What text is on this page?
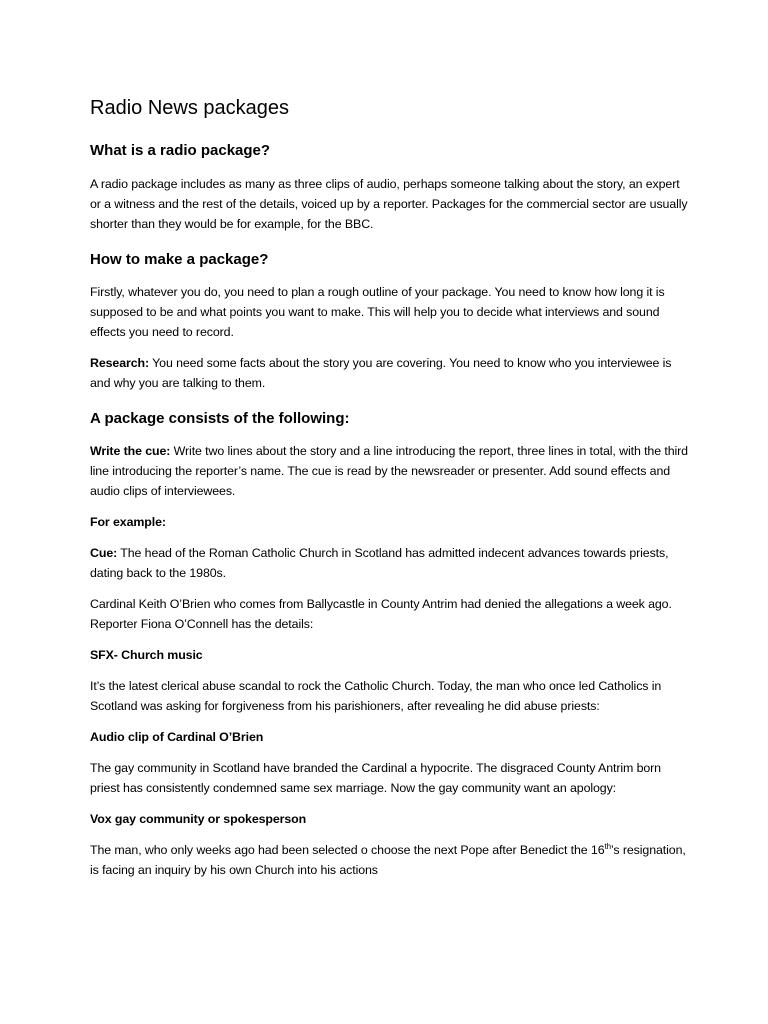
Radio News packages
What is a radio package?

A radio package includes as many as three clips of audio, perhaps someone talking about the story, an expert or a witness and the rest of the details, voiced up by a reporter. Packages for the commercial sector are usually shorter than they would be for example, for the BBC.

How to make a package?

Firstly, whatever you do, you need to plan a rough outline of your package. You need to know how long it is supposed to be and what points you want to make. This will help you to decide what interviews and sound effects you need to record.

Research: You need some facts about the story you are covering. You need to know who you interviewee is and why you are talking to them.

A package consists of the following:

Write the cue: Write two lines about the story and a line introducing the report, three lines in total, with the third line introducing the reporter’s name. The cue is read by the newsreader or presenter. Add sound effects and audio clips of interviewees.

For example:

Cue: The head of the Roman Catholic Church in Scotland has admitted indecent advances towards priests, dating back to the 1980s.

Cardinal Keith O’Brien who comes from Ballycastle in County Antrim had denied the allegations a week ago. Reporter Fiona O’Connell has the details:

SFX- Church music

It’s the latest clerical abuse scandal to rock the Catholic Church. Today, the man who once led Catholics in Scotland was asking for forgiveness from his parishioners, after revealing he did abuse priests:

Audio clip of Cardinal O’Brien

The gay community in Scotland have branded the Cardinal a hypocrite. The disgraced County Antrim born priest has consistently condemned same sex marriage. Now the gay community want an apology:

Vox gay community or spokesperson

The man, who only weeks ago had been selected o choose the next Pope after Benedict the 16th’s resignation, is facing an inquiry by his own Church into his actions
